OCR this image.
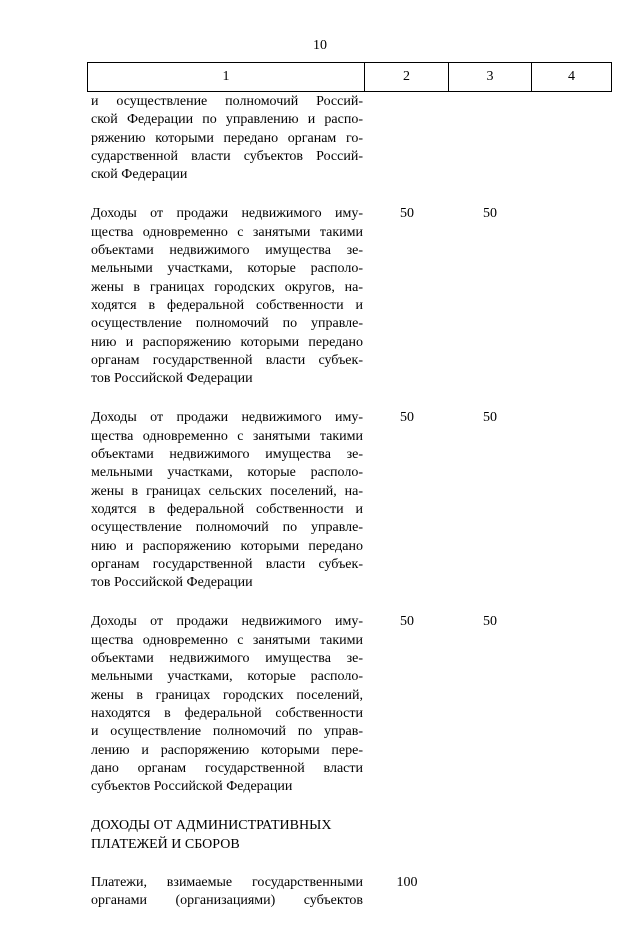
10
1	2	3	4
и осуществление полномочий Россий-
ской Федерации по управлению и распо-
ряжению которыми передано органам го-
сударственной власти субъектов Россий-
ской Федерации
Доходы от продажи недвижимого иму-
щества одновременно с занятыми такими
объектами недвижимого имущества зе-
мельными участками, которые располо-
жены в границах городских округов, на-
ходятся в федеральной собственности и
осуществление полномочий по управле-
нию и распоряжению которыми передано
органам государственной власти субъек-
тов Российской Федерации
50	50
Доходы от продажи недвижимого иму-
щества одновременно с занятыми такими
объектами недвижимого имущества зе-
мельными участками, которые располо-
жены в границах сельских поселений, на-
ходятся в федеральной собственности и
осуществление полномочий по управле-
нию и распоряжению которыми передано
органам государственной власти субъек-
тов Российской Федерации
50	50
Доходы от продажи недвижимого иму-
щества одновременно с занятыми такими
объектами недвижимого имущества зе-
мельными участками, которые располо-
жены в границах городских поселений,
находятся в федеральной собственности
и осуществление полномочий по управ-
лению и распоряжению которыми пере-
дано органам государственной власти
субъектов Российской Федерации
50	50
ДОХОДЫ ОТ АДМИНИСТРАТИВНЫХ
ПЛАТЕЖЕЙ И СБОРОВ
Платежи, взимаемые государственными
органами (организациями) субъектов
100
